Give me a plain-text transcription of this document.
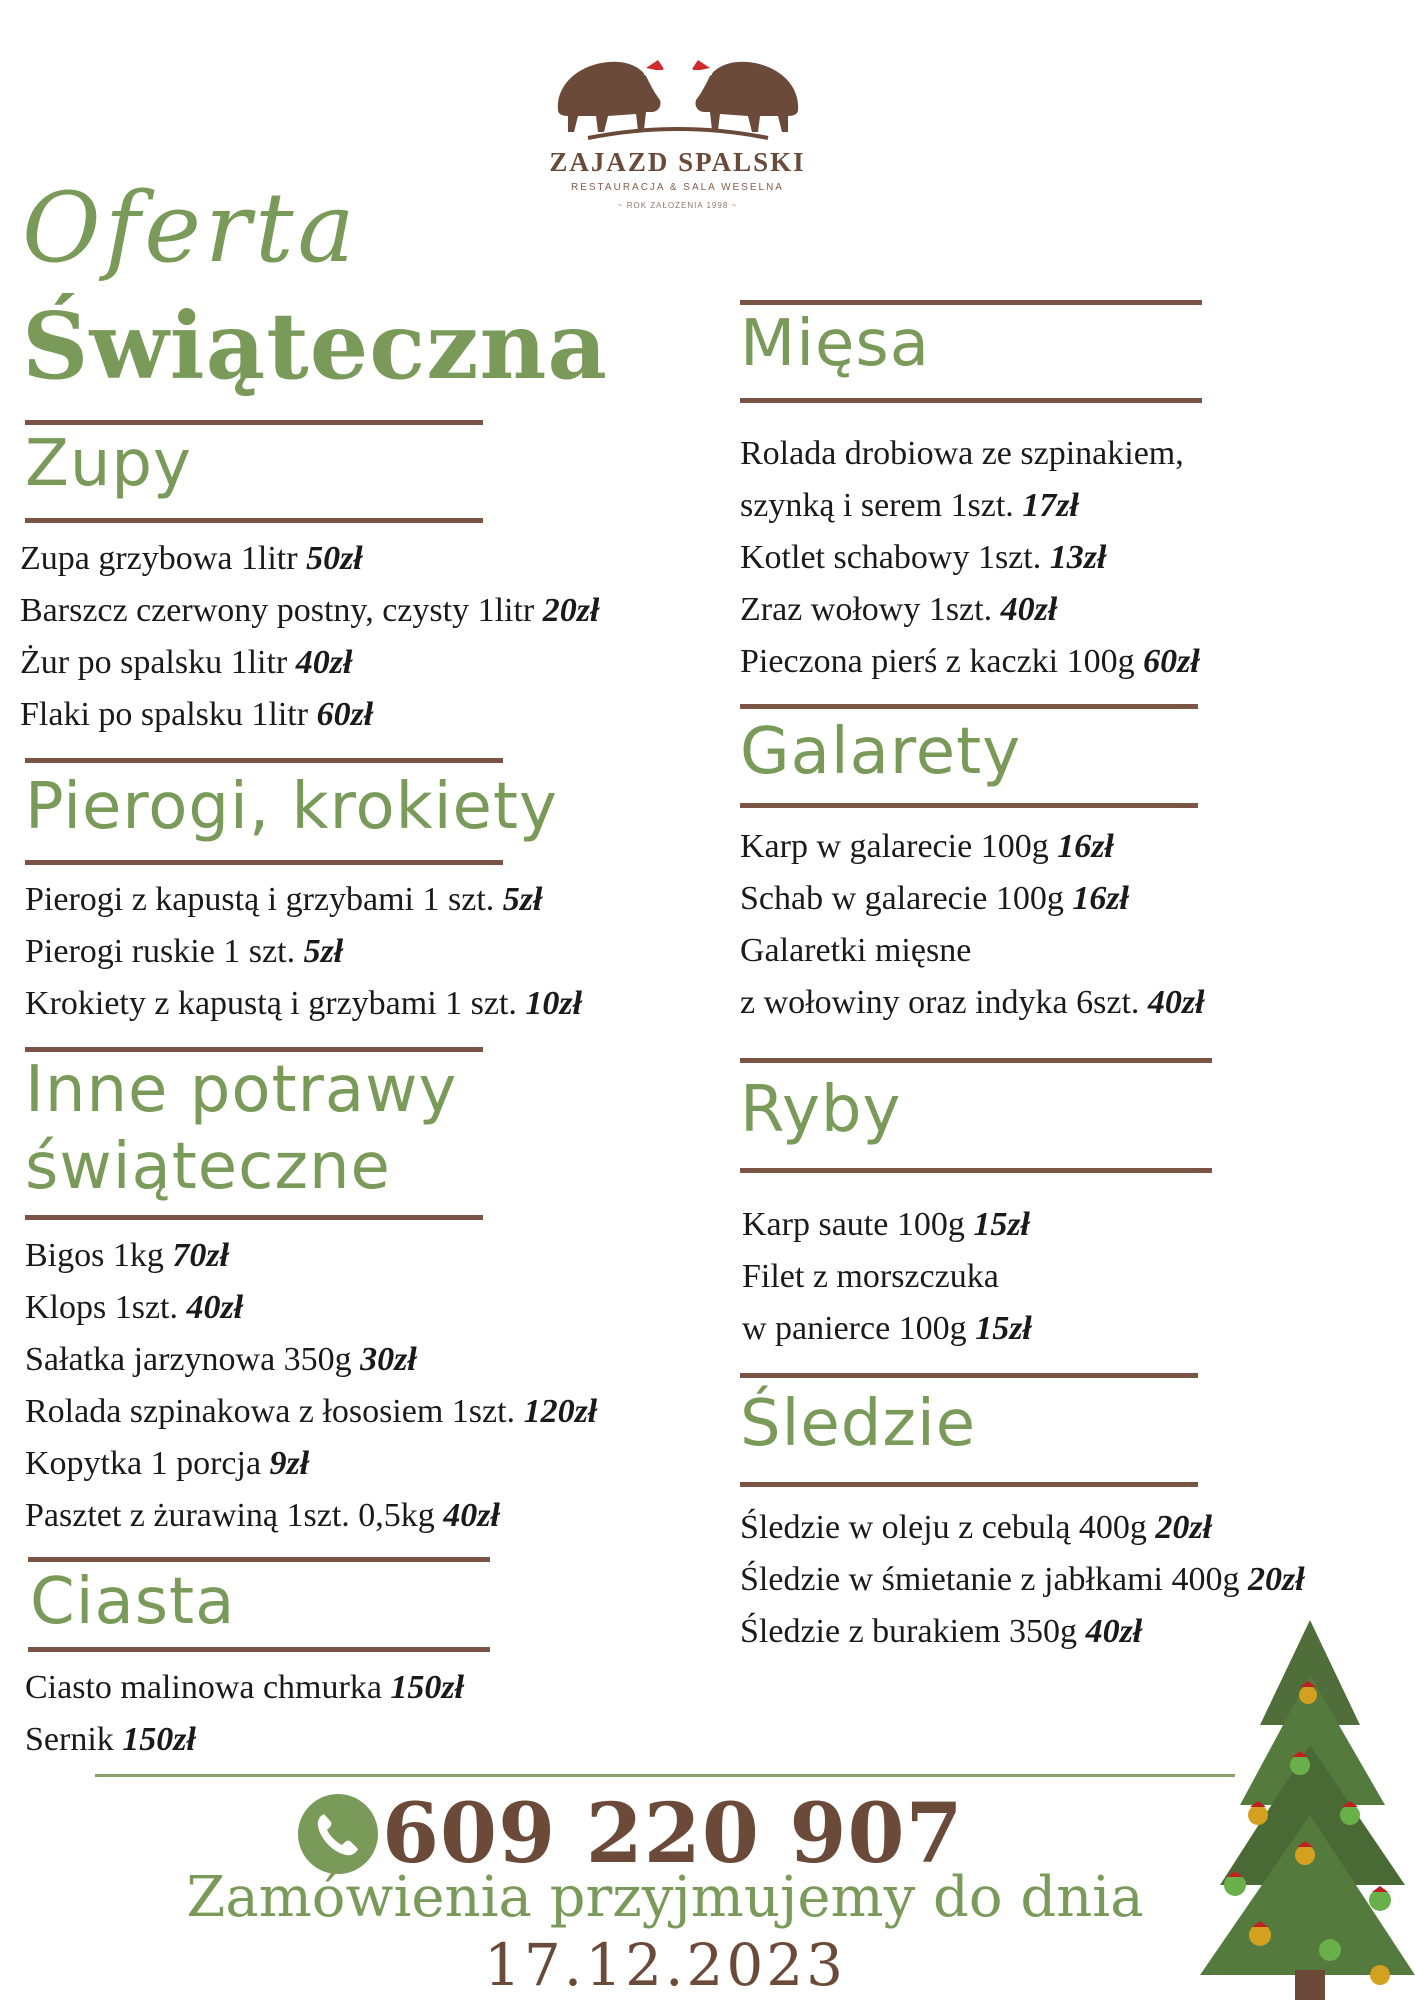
ZAJAZD SPALSKI
RESTAURACJA & SALA WESELNA
~ ROK ZAŁOŻENIA 1998 ~
Oferta
Świąteczna
Zupy
Zupa grzybowa 1litr 50zł
Barszcz czerwony postny, czysty 1litr 20zł
Żur po spalsku 1litr 40zł
Flaki po spalsku 1litr 60zł
Pierogi, krokiety
Pierogi z kapustą i grzybami 1 szt. 5zł
Pierogi ruskie 1 szt. 5zł
Krokiety z kapustą i grzybami 1 szt. 10zł
Inne potrawy
świąteczne
Bigos 1kg 70zł
Klops 1szt. 40zł
Sałatka jarzynowa 350g 30zł
Rolada szpinakowa z łososiem 1szt. 120zł
Kopytka 1 porcja 9zł
Pasztet z żurawiną 1szt. 0,5kg 40zł
Ciasta
Ciasto malinowa chmurka 150zł
Sernik 150zł
Mięsa
Rolada drobiowa ze szpinakiem,
szynką i serem 1szt. 17zł
Kotlet schabowy 1szt. 13zł
Zraz wołowy 1szt. 40zł
Pieczona pierś z kaczki 100g 60zł
Galarety
Karp w galarecie 100g 16zł
Schab w galarecie 100g 16zł
Galaretki mięsne
z wołowiny oraz indyka 6szt. 40zł
Ryby
Karp saute 100g 15zł
Filet z morszczuka
w panierce 100g 15zł
Śledzie
Śledzie w oleju z cebulą 400g 20zł
Śledzie w śmietanie z jabłkami 400g 20zł
Śledzie z burakiem 350g 40zł
609 220 907
Zamówienia przyjmujemy do dnia
17.12.2023
